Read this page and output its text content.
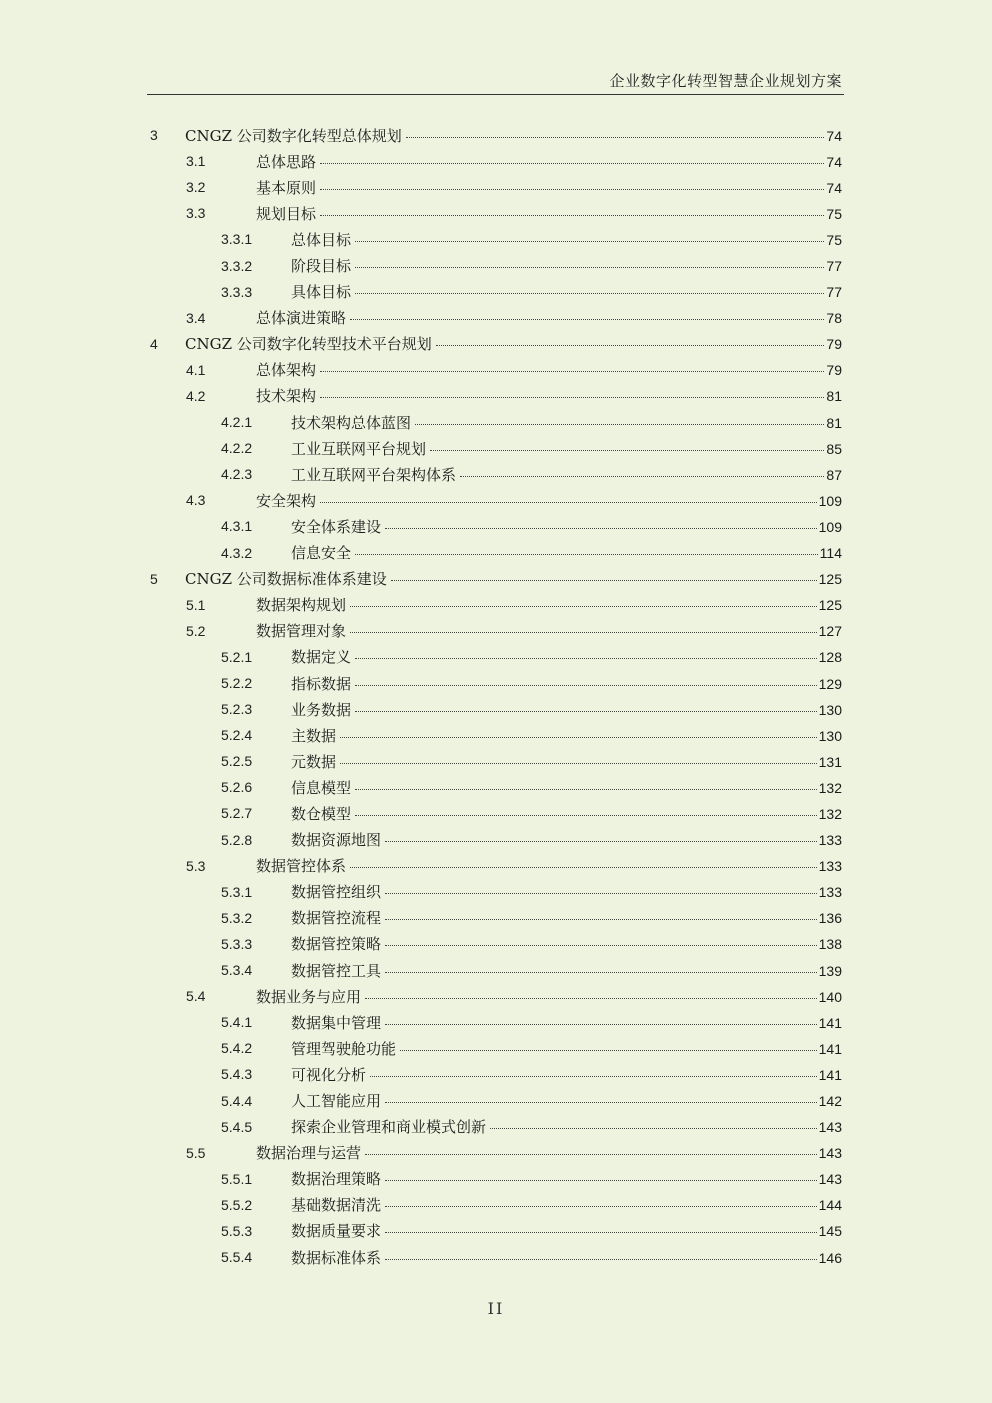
企业数字化转型智慧企业规划方案
3 CNGZ 公司数字化转型总体规划	74
3.1	总体思路	74
3.2	基本原则	74
3.3	规划目标	75
3.3.1	总体目标	75
3.3.2	阶段目标	77
3.3.3	具体目标	77
3.4	总体演进策略	78
4 CNGZ 公司数字化转型技术平台规划	79
4.1	总体架构	79
4.2	技术架构	81
4.2.1	技术架构总体蓝图	81
4.2.2	工业互联网平台规划	85
4.2.3	工业互联网平台架构体系	87
4.3	安全架构	109
4.3.1	安全体系建设	109
4.3.2	信息安全	114
5 CNGZ 公司数据标准体系建设	125
5.1	数据架构规划	125
5.2	数据管理对象	127
5.2.1	数据定义	128
5.2.2	指标数据	129
5.2.3	业务数据	130
5.2.4	主数据	130
5.2.5	元数据	131
5.2.6	信息模型	132
5.2.7	数仓模型	132
5.2.8	数据资源地图	133
5.3	数据管控体系	133
5.3.1	数据管控组织	133
5.3.2	数据管控流程	136
5.3.3	数据管控策略	138
5.3.4	数据管控工具	139
5.4	数据业务与应用	140
5.4.1	数据集中管理	141
5.4.2	管理驾驶舱功能	141
5.4.3	可视化分析	141
5.4.4	人工智能应用	142
5.4.5	探索企业管理和商业模式创新	143
5.5	数据治理与运营	143
5.5.1	数据治理策略	143
5.5.2	基础数据清洗	144
5.5.3	数据质量要求	145
5.5.4	数据标准体系	146
II
